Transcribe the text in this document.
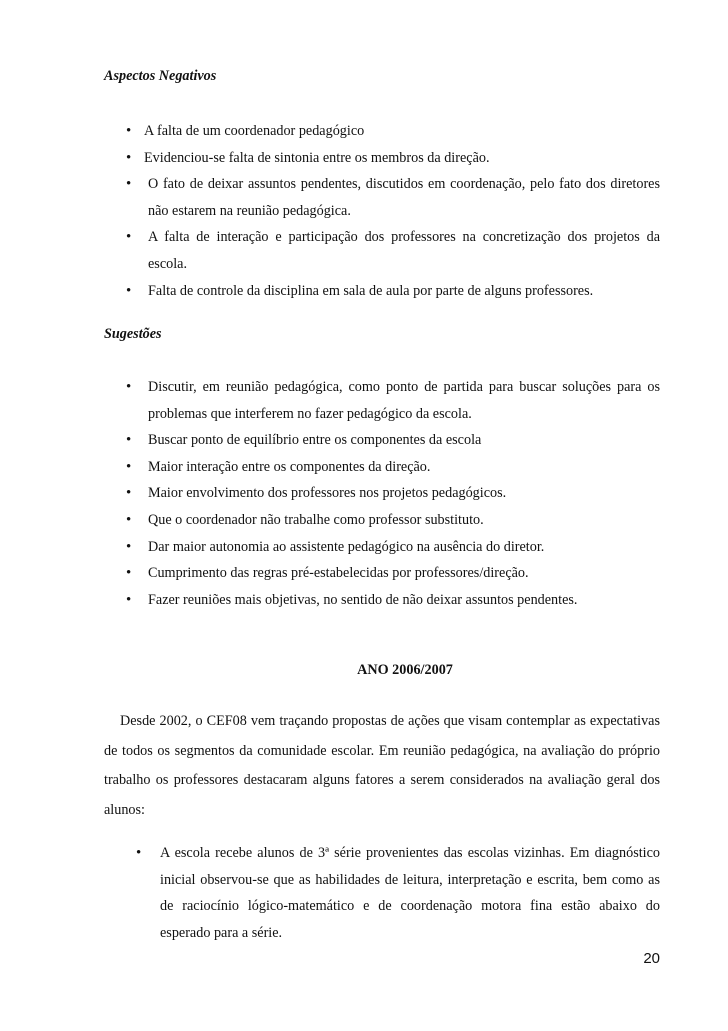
Aspectos Negativos

• A falta de um coordenador pedagógico
• Evidenciou-se falta de sintonia entre os membros da direção.
• O fato de deixar assuntos pendentes, discutidos em coordenação, pelo fato dos diretores não estarem na reunião pedagógica.
• A falta de interação e participação dos professores na concretização dos projetos da escola.
• Falta de controle da disciplina em sala de aula por parte de alguns professores.

Sugestões

• Discutir, em reunião pedagógica, como ponto de partida para buscar soluções para os problemas que interferem no fazer pedagógico da escola.
• Buscar ponto de equilíbrio entre os componentes da escola
• Maior interação entre os componentes da direção.
• Maior envolvimento dos professores nos projetos pedagógicos.
• Que o coordenador não trabalhe como professor substituto.
• Dar maior autonomia ao assistente pedagógico na ausência do diretor.
• Cumprimento das regras pré-estabelecidas por professores/direção.
• Fazer reuniões mais objetivas, no sentido de não deixar assuntos pendentes.

ANO 2006/2007

Desde 2002, o CEF08 vem traçando propostas de ações que visam contemplar as expectativas de todos os segmentos da comunidade escolar. Em reunião pedagógica, na avaliação do próprio trabalho os professores destacaram alguns fatores a serem considerados na avaliação geral dos alunos:

• A escola recebe alunos de 3ª série provenientes das escolas vizinhas. Em diagnóstico inicial observou-se que as habilidades de leitura, interpretação e escrita, bem como as de raciocínio lógico-matemático e de coordenação motora fina estão abaixo do esperado para a série.

20
